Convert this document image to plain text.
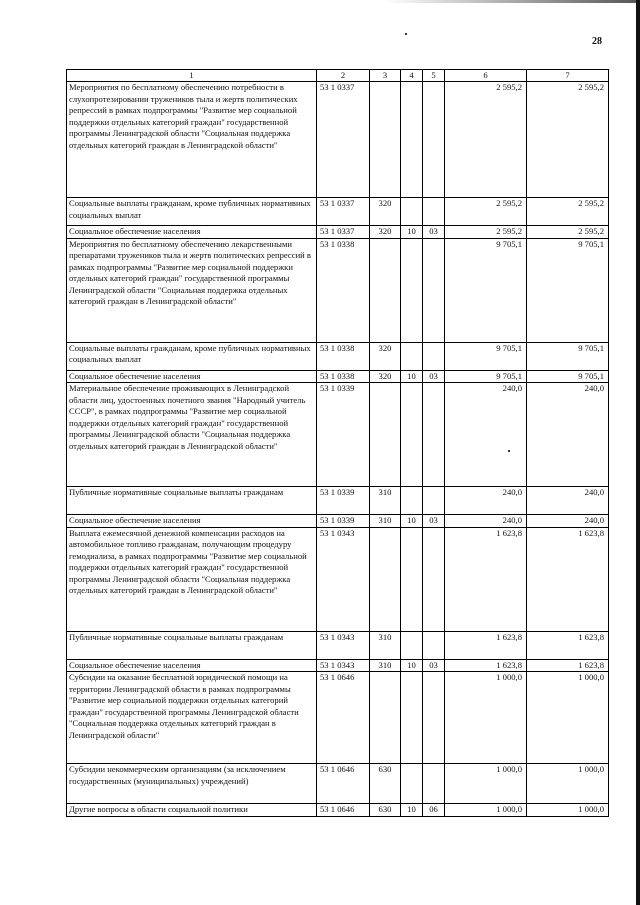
28
1	2	3	4	5	6	7
Мероприятия по бесплатному обеспечению потребности в слухопротезировании тружеников тыла и жертв политических репрессий в рамках подпрограммы "Развитие мер социальной поддержки отдельных категорий граждан" государственной программы Ленинградской области "Социальная поддержка отдельных категорий граждан в Ленинградской области"	53 1 0337				2 595,2	2 595,2
Социальные выплаты гражданам, кроме публичных нормативных социальных выплат	53 1 0337	320			2 595,2	2 595,2
Социальное обеспечение населения	53 1 0337	320	10	03	2 595,2	2 595,2
Мероприятия по бесплатному обеспечению лекарственными препаратами тружеников тыла и жертв политических репрессий в рамках подпрограммы "Развитие мер социальной поддержки отдельных категорий граждан" государственной программы Ленинградской области "Социальная поддержка отдельных категорий граждан в Ленинградской области"	53 1 0338				9 705,1	9 705,1
Социальные выплаты гражданам, кроме публичных нормативных социальных выплат	53 1 0338	320			9 705,1	9 705,1
Социальное обеспечение населения	53 1 0338	320	10	03	9 705,1	9 705,1
Материальное обеспечение проживающих в Ленинградской области лиц, удостоенных почетного звания "Народный учитель СССР", в рамках подпрограммы "Развитие мер социальной поддержки отдельных категорий граждан" государственной программы Ленинградской области "Социальная поддержка отдельных категорий граждан в Ленинградской области"	53 1 0339				240,0	240,0
Публичные нормативные социальные выплаты гражданам	53 1 0339	310			240,0	240,0
Социальное обеспечение населения	53 1 0339	310	10	03	240,0	240,0
Выплата ежемесячной денежной компенсации расходов на автомобильное топливо гражданам, получающим процедуру гемодиализа, в рамках подпрограммы "Развитие мер социальной поддержки отдельных категорий граждан" государственной программы Ленинградской области "Социальная поддержка отдельных категорий граждан в Ленинградской области"	53 1 0343				1 623,8	1 623,8
Публичные нормативные социальные выплаты гражданам	53 1 0343	310			1 623,8	1 623,8
Социальное обеспечение населения	53 1 0343	310	10	03	1 623,8	1 623,8
Субсидии на оказание бесплатной юридической помощи на территории Ленинградской области в рамках подпрограммы "Развитие мер социальной поддержки отдельных категорий граждан" государственной программы Ленинградской области "Социальная поддержка отдельных категорий граждан в Ленинградской области"	53 1 0646				1 000,0	1 000,0
Субсидии некоммерческим организациям (за исключением государственных (муниципальных) учреждений)	53 1 0646	630			1 000,0	1 000,0
Другие вопросы в области социальной политики	53 1 0646	630	10	06	1 000,0	1 000,0
